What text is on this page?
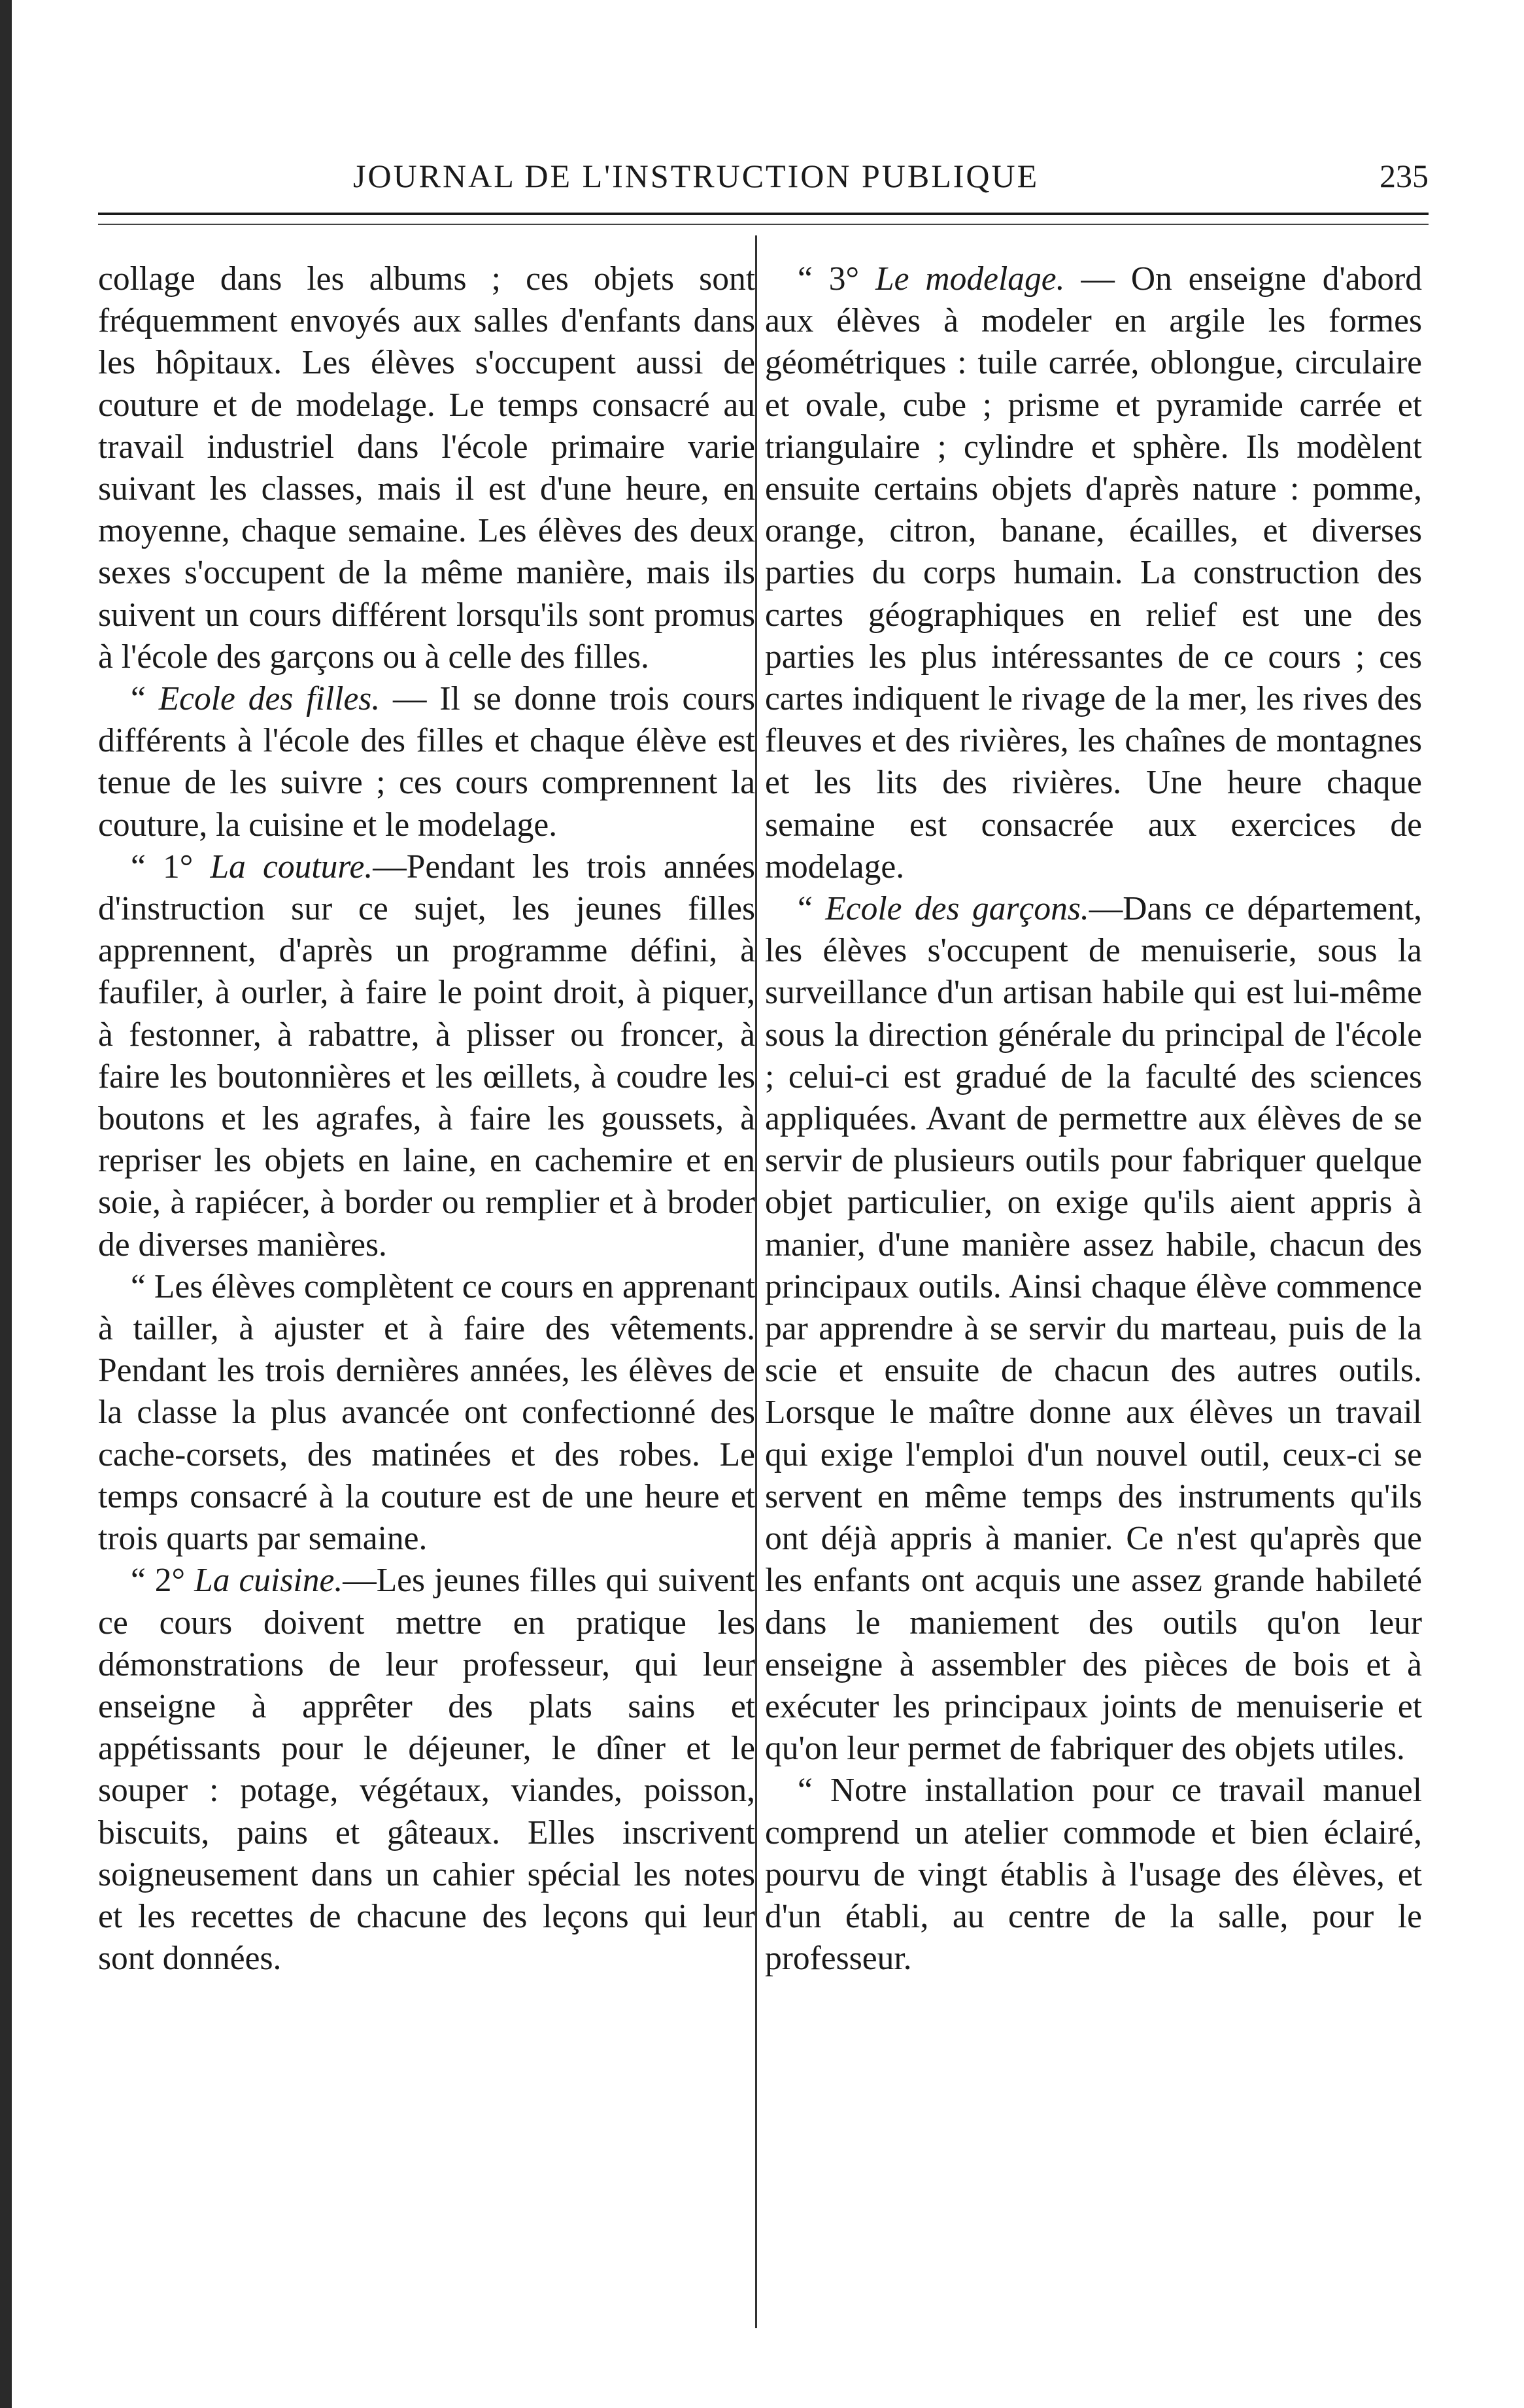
JOURNAL DE L'INSTRUCTION PUBLIQUE	235

collage dans les albums ; ces objets sont fréquemment envoyés aux salles d'enfants dans les hôpitaux. Les élèves s'occupent aussi de couture et de modelage. Le temps consacré au travail industriel dans l'école primaire varie suivant les classes, mais il est d'une heure, en moyenne, chaque semaine. Les élèves des deux sexes s'occupent de la même manière, mais ils suivent un cours différent lorsqu'ils sont promus à l'école des garçons ou à celle des filles.

“ Ecole des filles. — Il se donne trois cours différents à l'école des filles et chaque élève est tenue de les suivre ; ces cours comprennent la couture, la cuisine et le modelage.

“ 1° La couture.—Pendant les trois années d'instruction sur ce sujet, les jeunes filles apprennent, d'après un programme défini, à faufiler, à ourler, à faire le point droit, à piquer, à festonner, à rabattre, à plisser ou froncer, à faire les boutonnières et les œillets, à coudre les boutons et les agrafes, à faire les goussets, à repriser les objets en laine, en cachemire et en soie, à rapiécer, à border ou remplier et à broder de diverses manières.

“ Les élèves complètent ce cours en apprenant à tailler, à ajuster et à faire des vêtements. Pendant les trois dernières années, les élèves de la classe la plus avancée ont confectionné des cache-corsets, des matinées et des robes. Le temps consacré à la couture est de une heure et trois quarts par semaine.

“ 2° La cuisine.—Les jeunes filles qui suivent ce cours doivent mettre en pratique les démonstrations de leur professeur, qui leur enseigne à apprêter des plats sains et appétissants pour le déjeuner, le dîner et le souper : potage, végétaux, viandes, poisson, biscuits, pains et gâteaux. Elles inscrivent soigneusement dans un cahier spécial les notes et les recettes de chacune des leçons qui leur sont données.

“ 3° Le modelage. — On enseigne d'abord aux élèves à modeler en argile les formes géométriques : tuile carrée, oblongue, circulaire et ovale, cube ; prisme et pyramide carrée et triangulaire ; cylindre et sphère. Ils modèlent ensuite certains objets d'après nature : pomme, orange, citron, banane, écailles, et diverses parties du corps humain. La construction des cartes géographiques en relief est une des parties les plus intéressantes de ce cours ; ces cartes indiquent le rivage de la mer, les rives des fleuves et des rivières, les chaînes de montagnes et les lits des rivières. Une heure chaque semaine est consacrée aux exercices de modelage.

“ Ecole des garçons.—Dans ce département, les élèves s'occupent de menuiserie, sous la surveillance d'un artisan habile qui est lui-même sous la direction générale du principal de l'école ; celui-ci est gradué de la faculté des sciences appliquées. Avant de permettre aux élèves de se servir de plusieurs outils pour fabriquer quelque objet particulier, on exige qu'ils aient appris à manier, d'une manière assez habile, chacun des principaux outils. Ainsi chaque élève commence par apprendre à se servir du marteau, puis de la scie et ensuite de chacun des autres outils. Lorsque le maître donne aux élèves un travail qui exige l'emploi d'un nouvel outil, ceux-ci se servent en même temps des instruments qu'ils ont déjà appris à manier. Ce n'est qu'après que les enfants ont acquis une assez grande habileté dans le maniement des outils qu'on leur enseigne à assembler des pièces de bois et à exécuter les principaux joints de menuiserie et qu'on leur permet de fabriquer des objets utiles.

“ Notre installation pour ce travail manuel comprend un atelier commode et bien éclairé, pourvu de vingt établis à l'usage des élèves, et d'un établi, au centre de la salle, pour le professeur.
